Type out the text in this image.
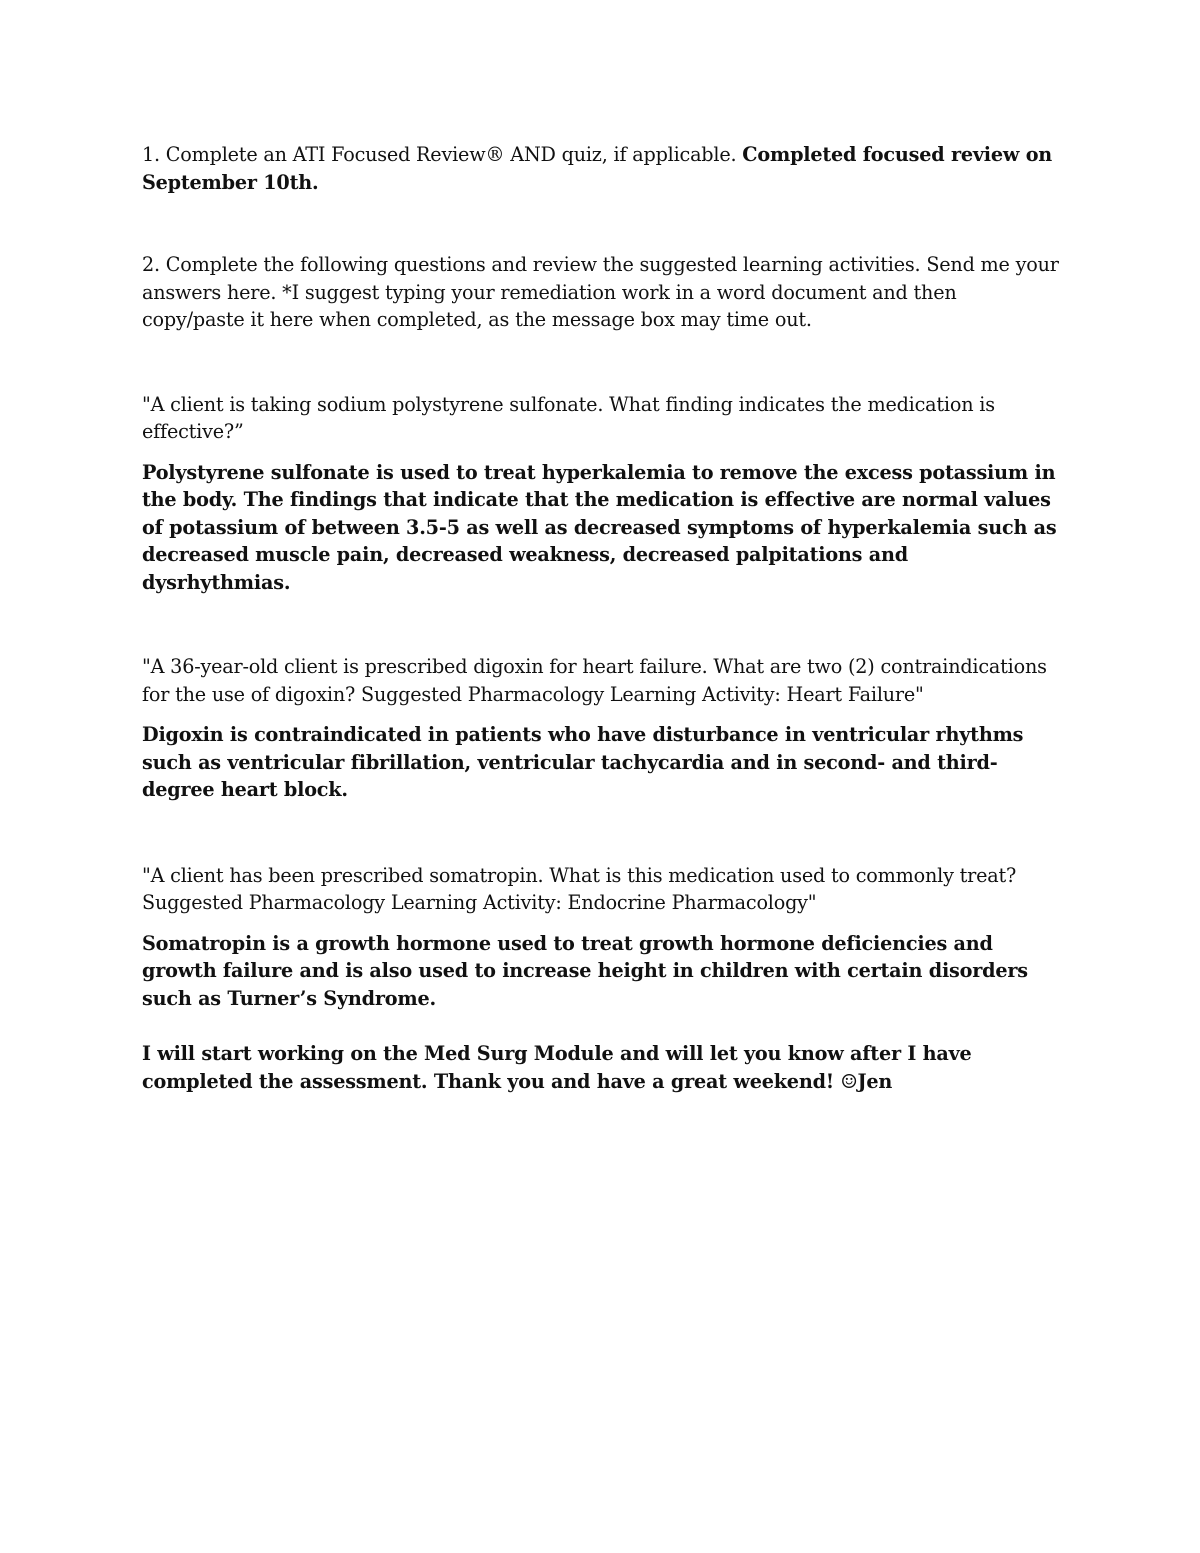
1. Complete an ATI Focused Review® AND quiz, if applicable. Completed focused review on September 10th.

2. Complete the following questions and review the suggested learning activities. Send me your answers here. *I suggest typing your remediation work in a word document and then copy/paste it here when completed, as the message box may time out.

"A client is taking sodium polystyrene sulfonate. What finding indicates the medication is effective?”

Polystyrene sulfonate is used to treat hyperkalemia to remove the excess potassium in the body. The findings that indicate that the medication is effective are normal values of potassium of between 3.5-5 as well as decreased symptoms of hyperkalemia such as decreased muscle pain, decreased weakness, decreased palpitations and dysrhythmias.

"A 36-year-old client is prescribed digoxin for heart failure. What are two (2) contraindications for the use of digoxin? Suggested Pharmacology Learning Activity: Heart Failure"

Digoxin is contraindicated in patients who have disturbance in ventricular rhythms such as ventricular fibrillation, ventricular tachycardia and in second- and third-degree heart block.

"A client has been prescribed somatropin. What is this medication used to commonly treat? Suggested Pharmacology Learning Activity: Endocrine Pharmacology"

Somatropin is a growth hormone used to treat growth hormone deficiencies and growth failure and is also used to increase height in children with certain disorders such as Turner’s Syndrome.

I will start working on the Med Surg Module and will let you know after I have completed the assessment. Thank you and have a great weekend! ☺Jen
